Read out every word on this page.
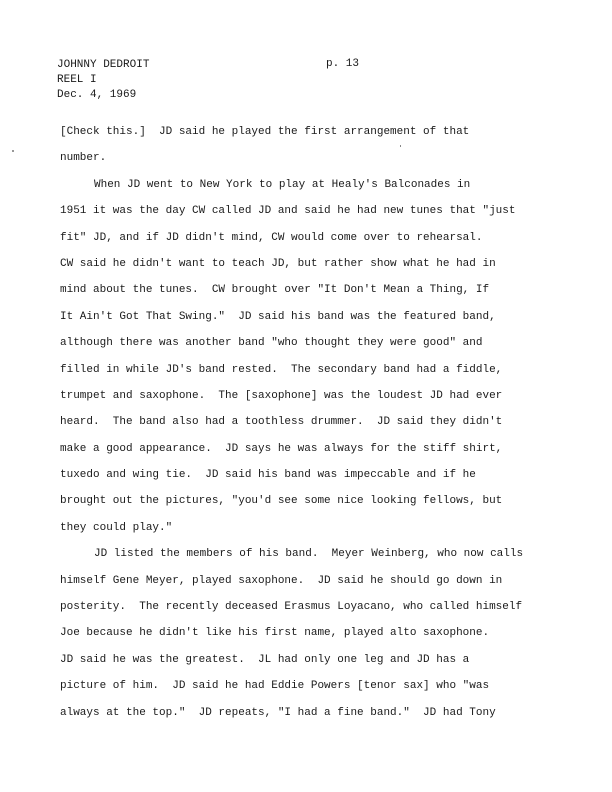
JOHNNY DEDROIT
REEL I
Dec. 4, 1969
p. 13
[Check this.]  JD said he played the first arrangement of that
number.
When JD went to New York to play at Healy's Balconades in
1951 it was the day CW called JD and said he had new tunes that "just
fit" JD, and if JD didn't mind, CW would come over to rehearsal.
CW said he didn't want to teach JD, but rather show what he had in
mind about the tunes.  CW brought over "It Don't Mean a Thing, If
It Ain't Got That Swing."  JD said his band was the featured band,
although there was another band "who thought they were good" and
filled in while JD's band rested.  The secondary band had a fiddle,
trumpet and saxophone.  The [saxophone] was the loudest JD had ever
heard.  The band also had a toothless drummer.  JD said they didn't
make a good appearance.  JD says he was always for the stiff shirt,
tuxedo and wing tie.  JD said his band was impeccable and if he
brought out the pictures, "you'd see some nice looking fellows, but
they could play."
JD listed the members of his band.  Meyer Weinberg, who now calls
himself Gene Meyer, played saxophone.  JD said he should go down in
posterity.  The recently deceased Erasmus Loyacano, who called himself
Joe because he didn't like his first name, played alto saxophone.
JD said he was the greatest.  JL had only one leg and JD has a
picture of him.  JD said he had Eddie Powers [tenor sax] who "was
always at the top."  JD repeats, "I had a fine band."  JD had Tony
